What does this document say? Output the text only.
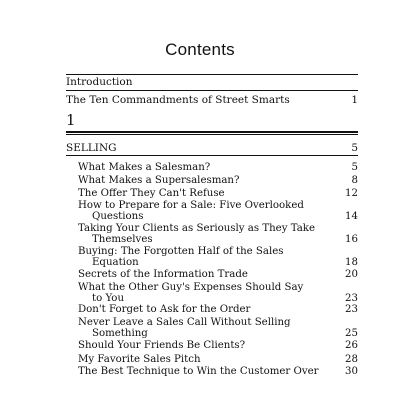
Contents
Introduction
The Ten Commandments of Street Smarts	1
1
SELLING	5
What Makes a Salesman?	5
What Makes a Supersalesman?	8
The Offer They Can't Refuse	12
How to Prepare for a Sale: Five Overlooked
Questions	14
Taking Your Clients as Seriously as They Take
Themselves	16
Buying: The Forgotten Half of the Sales
Equation	18
Secrets of the Information Trade	20
What the Other Guy's Expenses Should Say
to You	23
Don't Forget to Ask for the Order	23
Never Leave a Sales Call Without Selling
Something	25
Should Your Friends Be Clients?	26
My Favorite Sales Pitch	28
The Best Technique to Win the Customer Over	30
